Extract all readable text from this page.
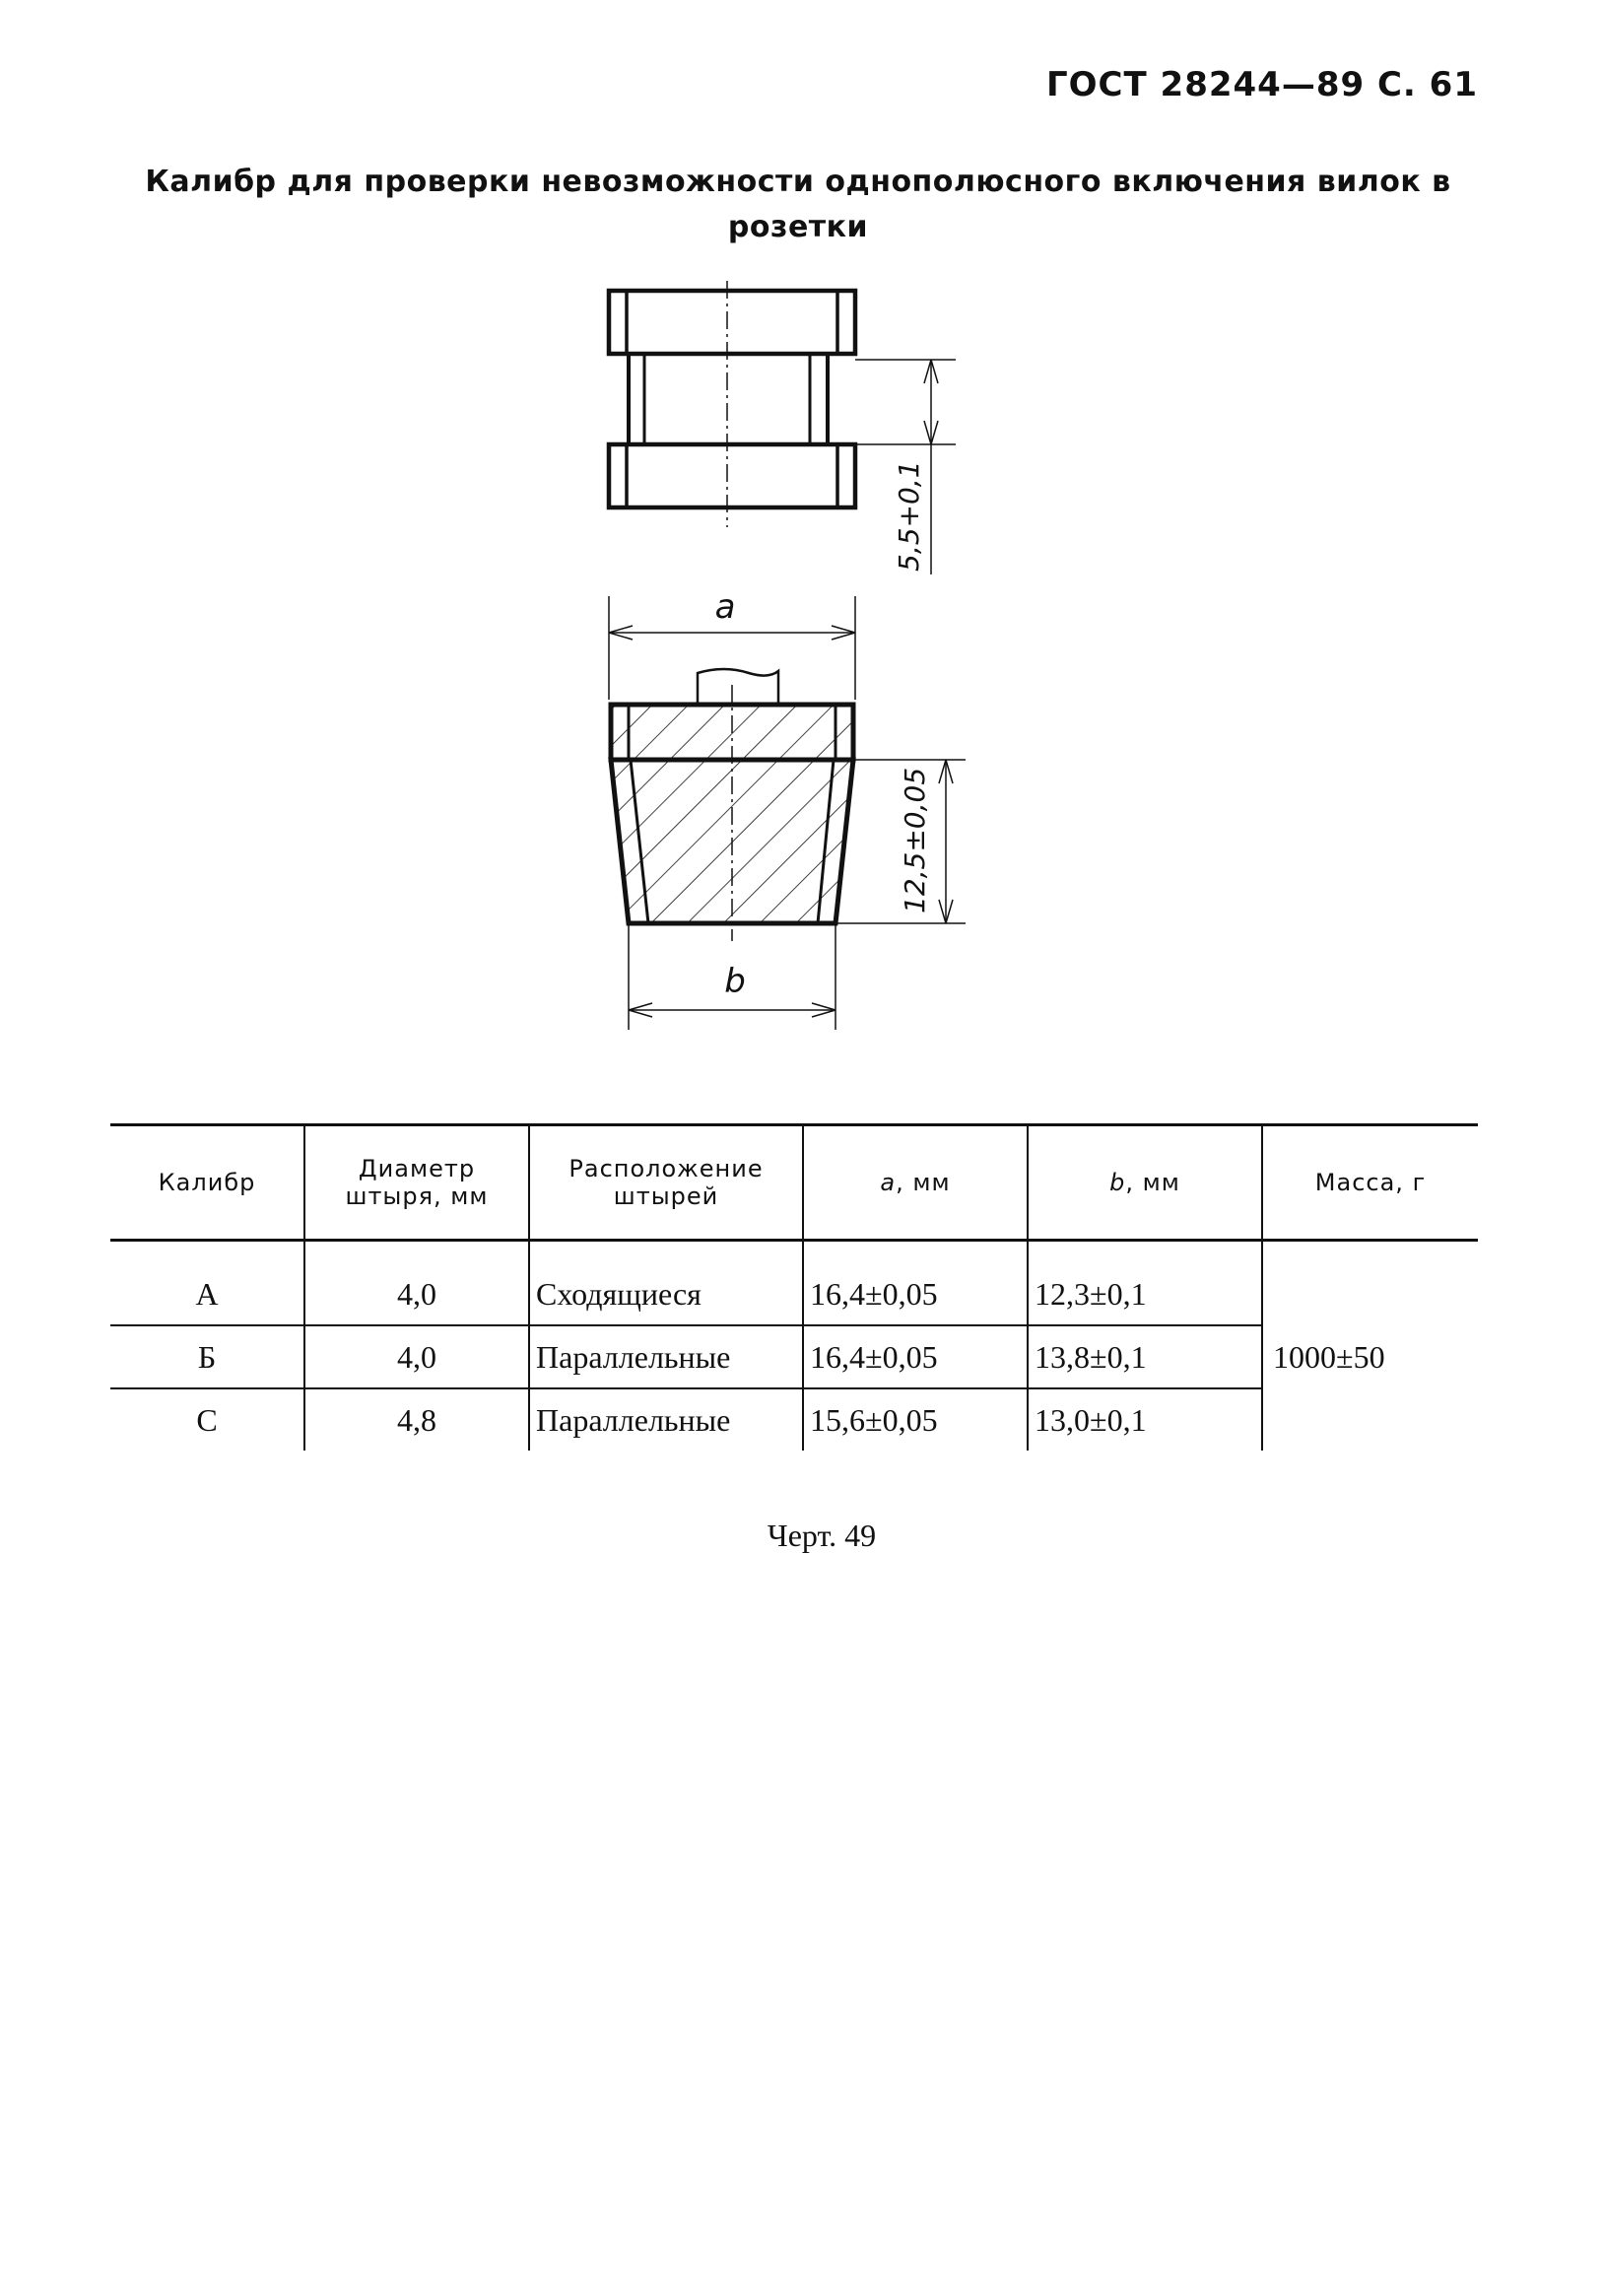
ГОСТ 28244—89 С. 61
Калибр для проверки невозможности однополюсного включения вилок в розетки
5,5+0,1
a
12,5±0,05
b
Калибр	Диаметр штыря, мм	Расположение штырей	a, мм	b, мм	Масса, г
А	4,0	Сходящиеся	16,4±0,05	12,3±0,1	1000±50
Б	4,0	Параллельные	16,4±0,05	13,8±0,1	
С	4,8	Параллельные	15,6±0,05	13,0±0,1	
Черт. 49
